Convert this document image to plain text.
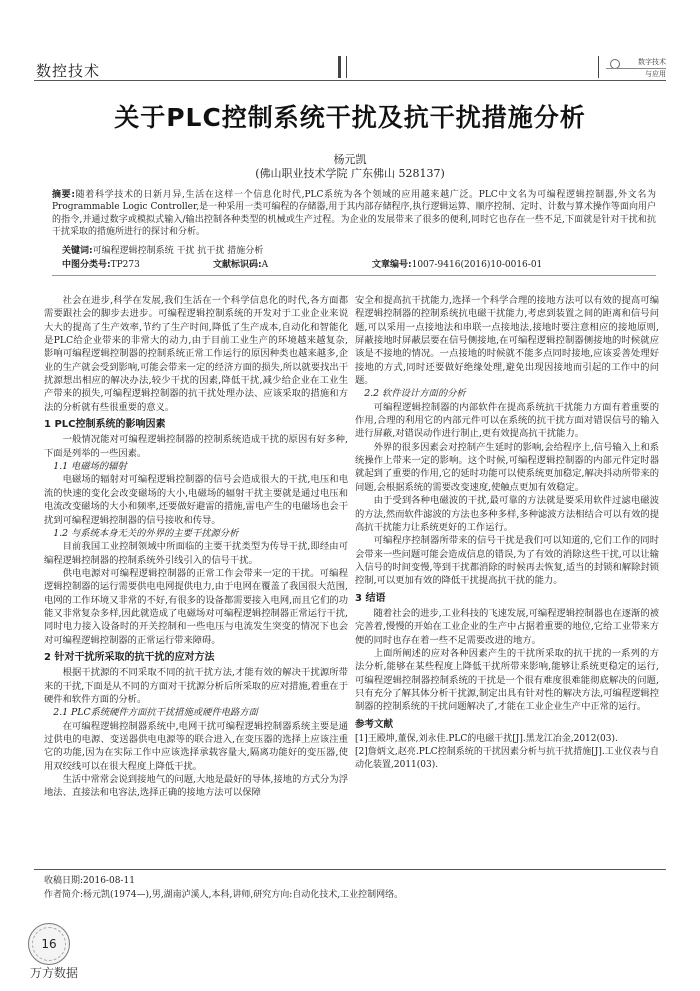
数控技术	数字技术
与应用
关于PLC控制系统干扰及抗干扰措施分析
杨元凯
(佛山职业技术学院 广东佛山 528137)
摘要:随着科学技术的日新月异,生活在这样一个信息化时代,PLC系统为各个领域的应用越来越广泛。PLC中文名为可编程逻辑控制器,外文名为Programmable Logic Controller,是一种采用一类可编程的存储器,用于其内部存储程序,执行逻辑运算、顺序控制、定时、计数与算术操作等面向用户的指令,并通过数字或模拟式输入/输出控制各种类型的机械或生产过程。为企业的发展带来了很多的便利,同时它也存在一些不足,下面就是针对干扰和抗干扰采取的措施所进行的探讨和分析。
关键词:可编程逻辑控制系统 干扰 抗干扰 措施分析
中图分类号:TP273	文献标识码:A	文章编号:1007-9416(2016)10-0016-01

社会在进步,科学在发展,我们生活在一个科学信息化的时代,各方面都需要跟社会的脚步去进步。可编程逻辑控制系统的开发对于工业企业来说大大的提高了生产效率,节约了生产时间,降低了生产成本,自动化和智能化是PLC给企业带来的非常大的动力,由于目前工业生产的环境越来越复杂,影响可编程逻辑控制器的控制系统正常工作运行的原因种类也越来越多,企业的生产就会受到影响,可能会带来一定的经济方面的损失,所以就要找出干扰源想出相应的解决办法,较少干扰的因素,降低干扰,减少给企业在工业生产带来的损失,可编程逻辑控制器的抗干扰处理办法、应该采取的措施和方法的分析就有些很重要的意义。

1 PLC控制系统的影响因素

一般情况能对可编程逻辑控制器的控制系统造成干扰的原因有好多种,下面是列举的一些因素。

1.1 电磁场的辐射

电磁场的辐射对可编程逻辑控制器的信号会造成很大的干扰,电压和电流的快速的变化会改变磁场的大小,电磁场的辐射干扰主要就是通过电压和电流改变磁场的大小和频率,还要做好避雷的措施,雷电产生的电磁场也会干扰到可编程逻辑控制器的信号接收和传导。

1.2 与系统本身无关的外界的主要干扰源分析

目前我国工业控制领域中所面临的主要干扰类型为传导干扰,即经由可编程逻辑控制器的控制系统外引线引入的信号干扰。

供电电源对可编程逻辑控制器的正常工作会带来一定的干扰。可编程逻辑控制器的运行需要供电电网提供电力,由于电网在覆盖了我国很大范围,电网的工作环境又非常的不好,有很多的设备都需要接入电网,而且它们的功能又非常复杂多样,因此就造成了电磁场对可编程逻辑控制器正常运行干扰,同时电力接入设备时的开关控制和一些电压与电流发生突变的情况下也会对可编程逻辑控制器的正常运行带来障碍。

2 针对干扰所采取的抗干扰的应对方法

根据干扰源的不同采取不同的抗干扰方法,才能有效的解决干扰源所带来的干扰,下面是从不同的方面对干扰源分析后所采取的应对措施,着重在于硬件和软件方面的分析。

2.1 PLC系统硬件方面抗干扰措施或硬件电路方面

在可编程逻辑控制器系统中,电网干扰可编程逻辑控制器系统主要是通过供电的电源、变送器供电电源等的联合进入,在变压器的选择上应该注重它的功能,因为在实际工作中应该选择承载容量大,隔离功能好的变压器,使用双绞线可以在很大程度上降低干扰。

生活中常常会说到接地气的问题,大地是最好的导体,接地的方式分为浮地法、直接法和电容法,选择正确的接地方法可以保障

安全和提高抗干扰能力,选择一个科学合理的接地方法可以有效的提高可编程逻辑控制器的控制系统抗电磁干扰能力,考虑到装置之间的距离和信号问题,可以采用一点接地法和串联一点接地法,接地时要注意相应的接地原则,屏蔽接地时屏蔽层要在信号侧接地,在可编程逻辑控制器侧接地的时候就应该是不接地的情况。一点接地的时候就不能多点同时接地,应该妥善处理好接地的方式,同时还要做好绝缘处理,避免出现因接地而引起的工作中的问题。

2.2 软件设计方面的分析

可编程逻辑控制器的内部软件在提高系统抗干扰能力方面有着重要的作用,合理的利用它的内部元件可以在系统的抗干扰方面对错误信号的输入进行屏蔽,对错误动作进行制止,更有效提高抗干扰能力。

外界的很多因素会对控制产生延时的影响,会给程序上,信号输入上和系统操作上带来一定的影响。这个时候,可编程逻辑控制器的内部元件定时器就起到了重要的作用,它的延时功能可以使系统更加稳定,解决抖动所带来的问题,会根据系统的需要改变速度,使触点更加有效稳定。

由于受到各种电磁波的干扰,最可靠的方法就是要采用软件过滤电磁波的方法,然而软件滤波的方法也多种多样,多种滤波方法相结合可以有效的提高抗干扰能力让系统更好的工作运行。

可编程序控制器所带来的信号干扰是我们可以知道的,它们工作的同时会带来一些问题可能会造成信息的错误,为了有效的消除这些干扰,可以让输入信号的时间变慢,等到干扰都消除的时候再去恢复,适当的封锁和解除封锁控制,可以更加有效的降低干扰提高抗干扰的能力。

3 结语

随着社会的进步,工业科技的飞速发展,可编程逻辑控制器也在逐渐的被完善着,慢慢的开始在工业企业的生产中占据着重要的地位,它给工业带来方便的同时也存在着一些不足需要改进的地方。

上面所阐述的应对各种因素产生的干扰所采取的抗干扰的一系列的方法分析,能够在某些程度上降低干扰所带来影响,能够让系统更稳定的运行,可编程逻辑控制器控制系统的干扰是一个很有难度很难能彻底解决的问题,只有充分了解其体分析干扰源,制定出具有针对性的解决方法,可编程逻辑控制器的控制系统的干扰问题解决了,才能在工业企业生产中正常的运行。

参考文献

[1]王殿坤,董保,刘永佳.PLC的电磁干扰[J].黑龙江冶金,2012(03).

[2]詹炳文,赵亮.PLC控制系统的干扰因素分析与抗干扰措施[J].工业仪表与自动化装置,2011(03).

收稿日期:2016-08-11
作者简介:杨元凯(1974—),男,湖南泸溪人,本科,讲师,研究方向:自动化技术,工业控制网络。
16
万方数据
